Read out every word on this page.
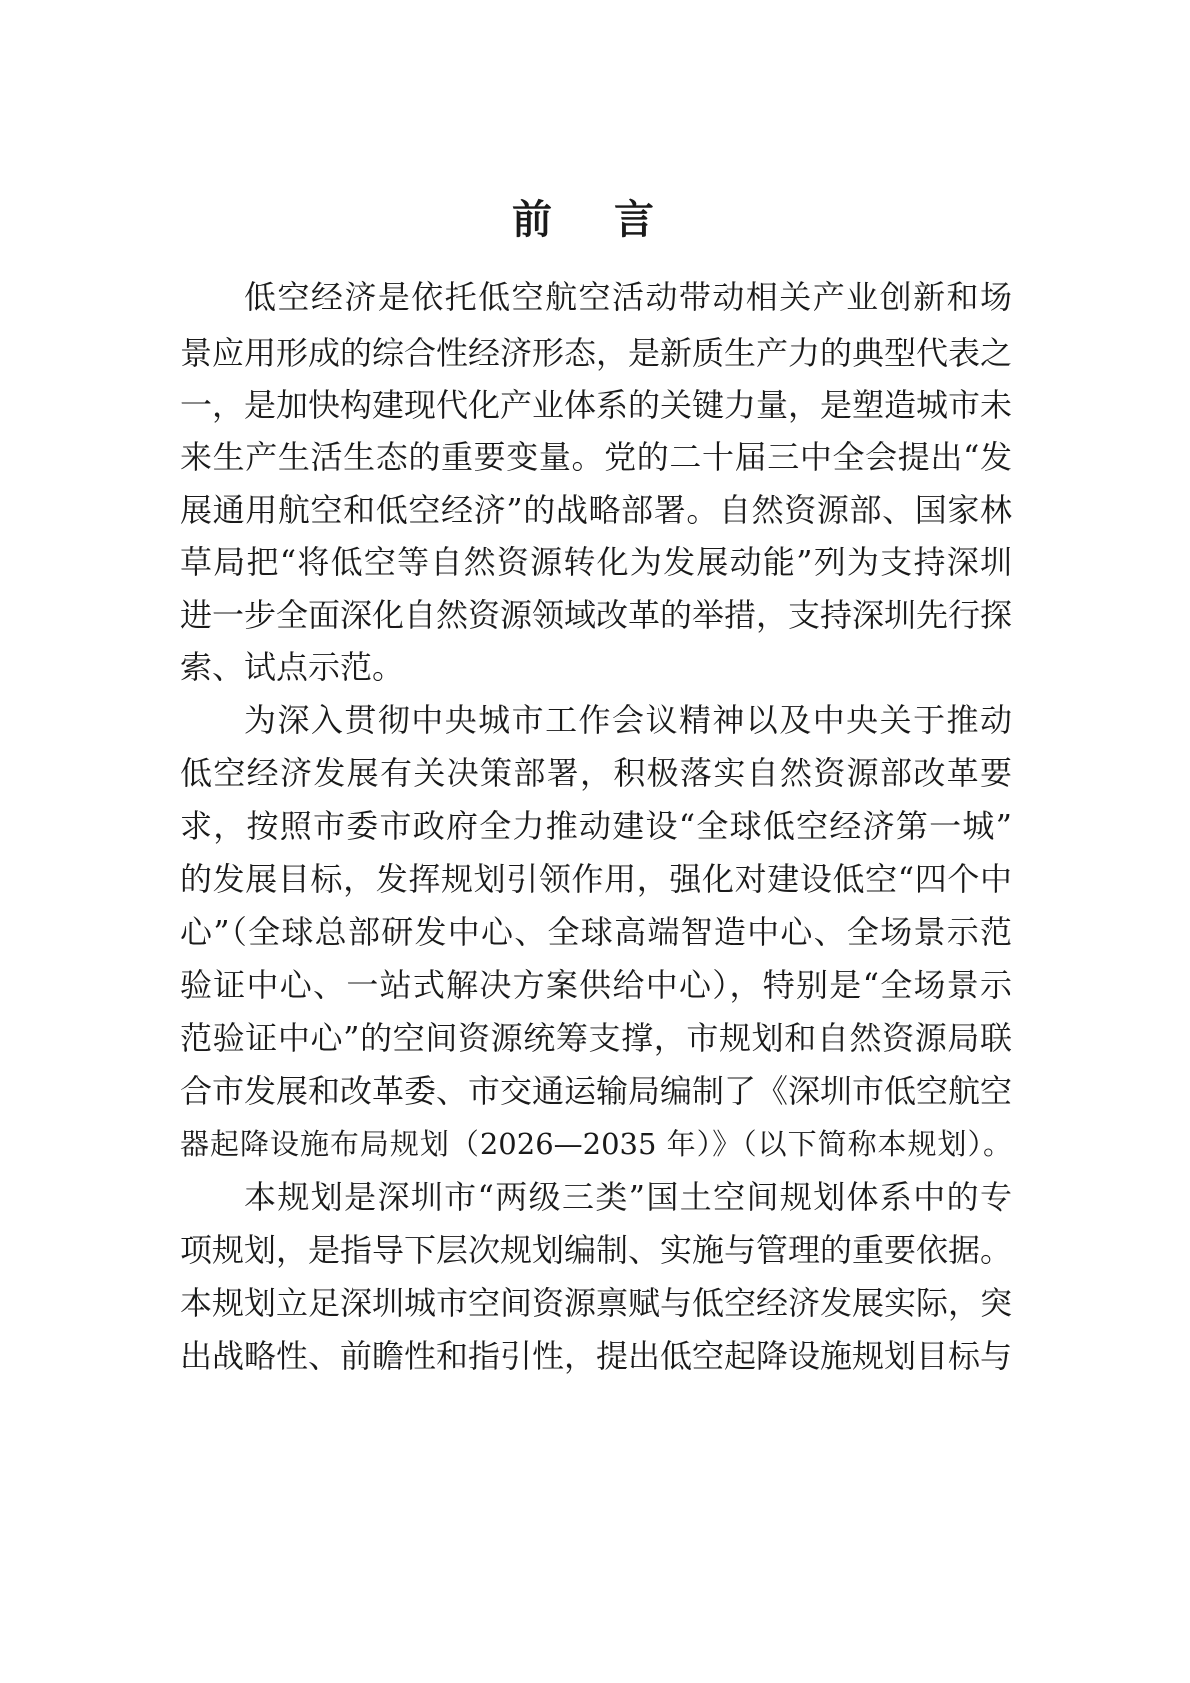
前 言
低空经济是依托低空航空活动带动相关产业创新和场
景应用形成的综合性经济形态，是新质生产力的典型代表之
一，是加快构建现代化产业体系的关键力量，是塑造城市未
来生产生活生态的重要变量。党的二十届三中全会提出“发
展通用航空和低空经济”的战略部署。自然资源部、国家林
草局把“将低空等自然资源转化为发展动能”列为支持深圳
进一步全面深化自然资源领域改革的举措，支持深圳先行探
索、试点示范。
为深入贯彻中央城市工作会议精神以及中央关于推动
低空经济发展有关决策部署，积极落实自然资源部改革要
求，按照市委市政府全力推动建设“全球低空经济第一城”
的发展目标，发挥规划引领作用，强化对建设低空“四个中
心”（全球总部研发中心、全球高端智造中心、全场景示范
验证中心、一站式解决方案供给中心），特别是“全场景示
范验证中心”的空间资源统筹支撑，市规划和自然资源局联
合市发展和改革委、市交通运输局编制了《深圳市低空航空
器起降设施布局规划（2026—2035 年）》（以下简称本规划）。
本规划是深圳市“两级三类”国土空间规划体系中的专
项规划，是指导下层次规划编制、实施与管理的重要依据。
本规划立足深圳城市空间资源禀赋与低空经济发展实际，突
出战略性、前瞻性和指引性，提出低空起降设施规划目标与
